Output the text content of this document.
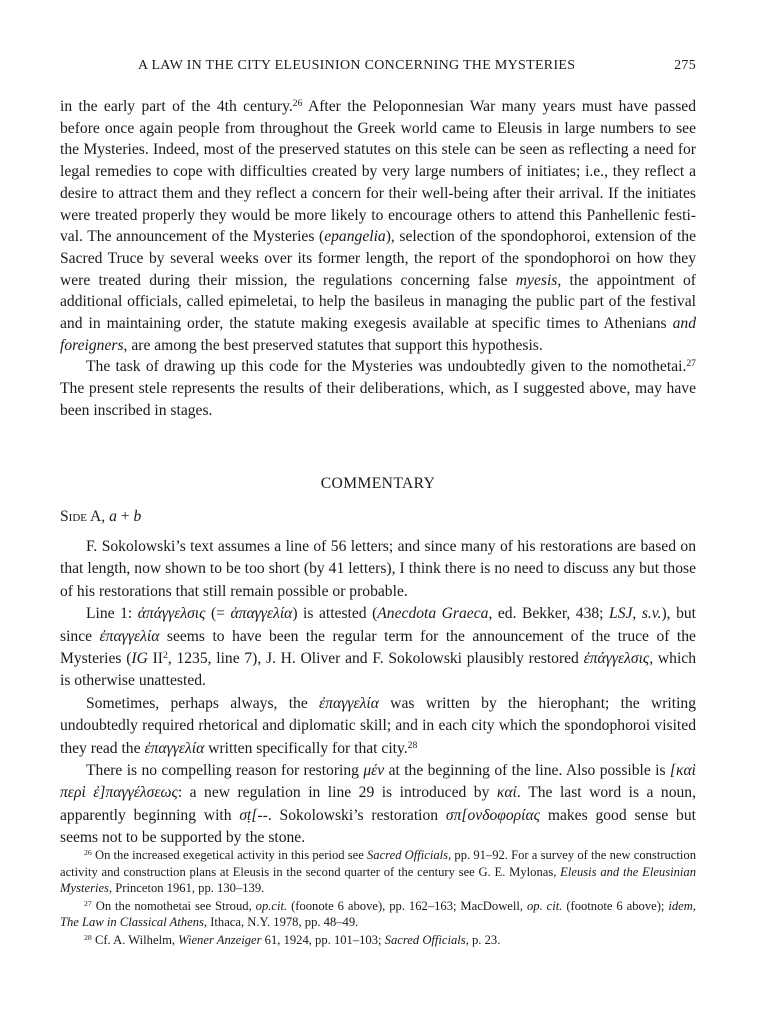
A LAW IN THE CITY ELEUSINION CONCERNING THE MYSTERIES	275

in the early part of the 4th century.$^{26}$ After the Peloponnesian War many years must have passed before once again people from throughout the Greek world came to Eleusis in large numbers to see the Mysteries. Indeed, most of the preserved statutes on this stele can be seen as reflecting a need for legal remedies to cope with difficulties created by very large numbers of initiates; i.e., they reflect a desire to attract them and they reflect a concern for their well-being after their arrival. If the initiates were treated properly they would be more likely to encourage others to attend this Panhellenic festival. The announcement of the Mysteries (epangelia), selection of the spondophoroi, extension of the Sacred Truce by several weeks over its former length, the report of the spondophoroi on how they were treated during their mission, the regulations concerning false myesis, the appointment of additional officials, called epimeletai, to help the basileus in managing the public part of the festival and in maintaining order, the statute making exegesis available at specific times to Athenians and foreigners, are among the best preserved statutes that support this hypothesis.

The task of drawing up this code for the Mysteries was undoubtedly given to the nomothetai.$^{27}$ The present stele represents the results of their deliberations, which, as I suggested above, may have been inscribed in stages.

COMMENTARY
Side A, a + b

F. Sokolowski’s text assumes a line of 56 letters; and since many of his restorations are based on that length, now shown to be too short (by 41 letters), I think there is no need to discuss any but those of his restorations that still remain possible or probable.

Line 1: ἀπάγγελσις (= ἀπαγγελία) is attested (Anecdota Graeca, ed. Bekker, 438; LSJ, s.v.), but since ἐπαγγελία seems to have been the regular term for the announcement of the truce of the Mysteries (IG $II^2$, 1235, line 7), J. H. Oliver and F. Sokolowski plausibly restored ἐπάγγελσις, which is otherwise unattested.

Sometimes, perhaps always, the ἐπαγγελία was written by the hierophant; the writing undoubtedly required rhetorical and diplomatic skill; and in each city which the spondophoroi visited they read the ἐπαγγελία written specifically for that city.$^{28}$

There is no compelling reason for restoring μέν at the beginning of the line. Also possible is [καὶ περὶ ἐ]παγγέλσεως: a new regulation in line 29 is introduced by καί. The last word is a noun, apparently beginning with σṭ[--. Sokolowski’s restoration σπ[ονδοφορίας makes good sense but seems not to be supported by the stone.

$^{26}$ On the increased exegetical activity in this period see Sacred Officials, pp. 91–92. For a survey of the new construction activity and construction plans at Eleusis in the second quarter of the century see G. E. Mylonas, Eleusis and the Eleusinian Mysteries, Princeton 1961, pp. 130–139.

$^{27}$ On the nomothetai see Stroud, op.cit. (foonote 6 above), pp. 162–163; MacDowell, op. cit. (footnote 6 above); idem, The Law in Classical Athens, Ithaca, N.Y. 1978, pp. 48–49.

$^{28}$ Cf. A. Wilhelm, Wiener Anzeiger 61, 1924, pp. 101–103; Sacred Officials, p. 23.
